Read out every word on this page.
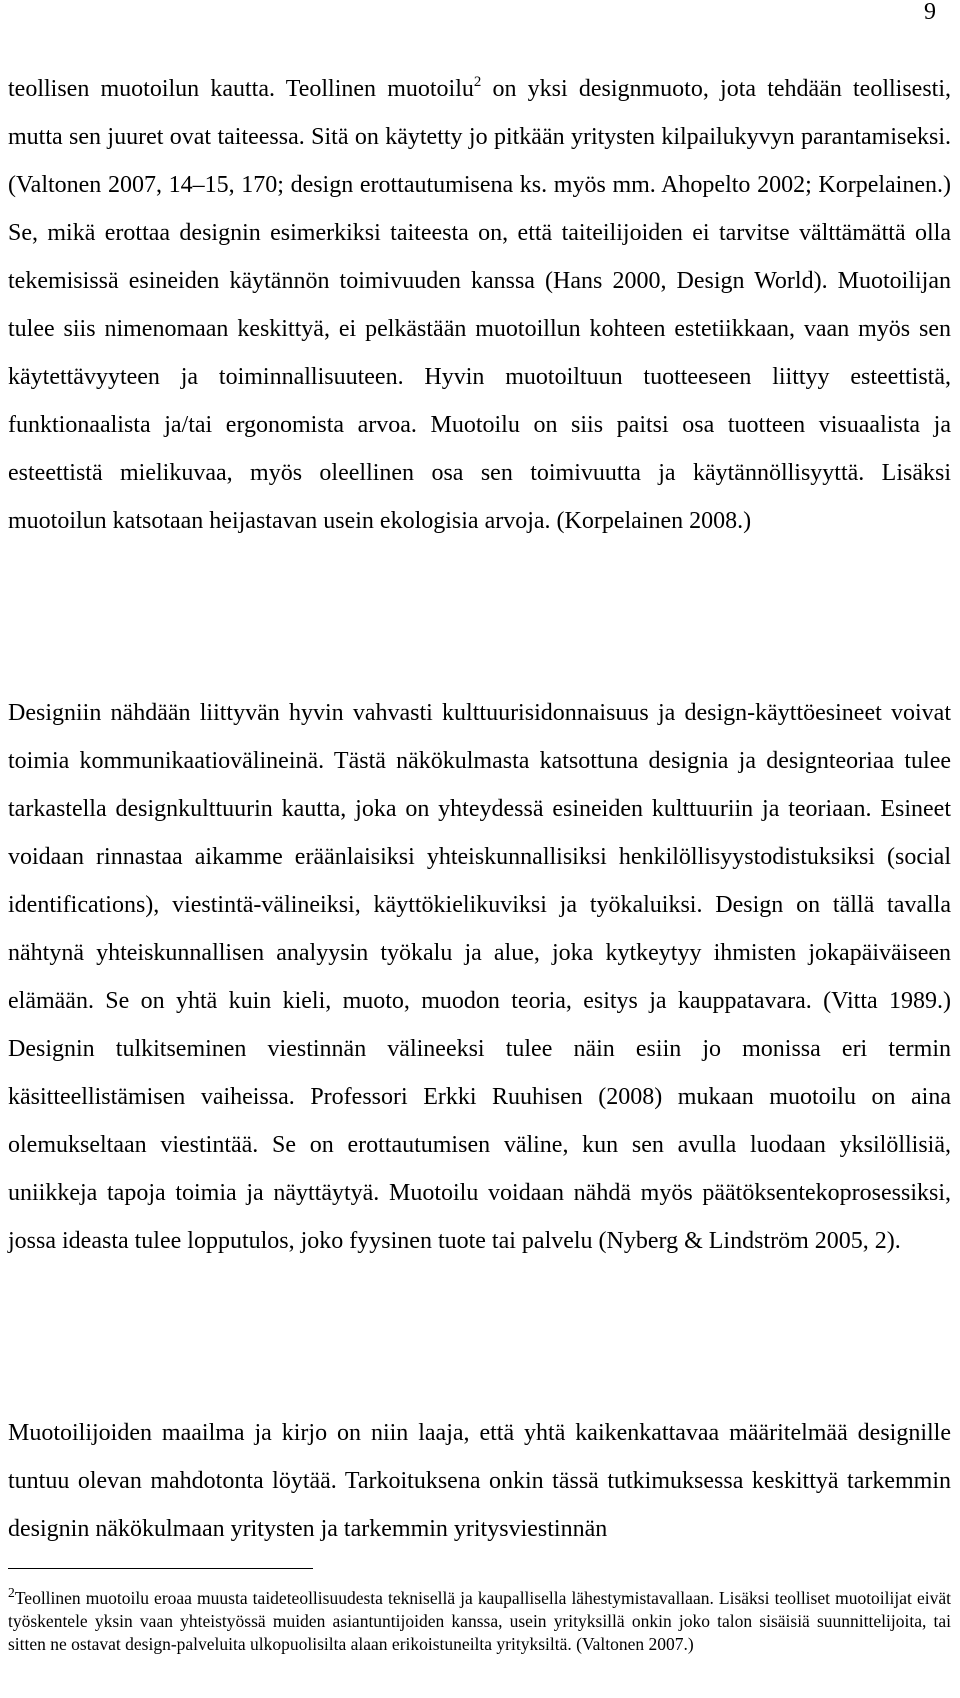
9

teollisen muotoilun kautta. Teollinen muotoilu$^2$ on yksi designmuoto, jota tehdään teollisesti, mutta sen juuret ovat taiteessa. Sitä on käytetty jo pitkään yritysten kilpailukyvyn parantamiseksi. (Valtonen 2007, 14–15, 170; design erottautumisena ks. myös mm. Ahopelto 2002; Korpelainen.) Se, mikä erottaa designin esimerkiksi taiteesta on, että taiteilijoiden ei tarvitse välttämättä olla tekemisissä esineiden käytännön toimivuuden kanssa (Hans 2000, Design World). Muotoilijan tulee siis nimenomaan keskittyä, ei pelkästään muotoillun kohteen estetiikkaan, vaan myös sen käytettävyyteen ja toiminnallisuuteen. Hyvin muotoiltuun tuotteeseen liittyy esteettistä, funktionaalista ja/tai ergonomista arvoa. Muotoilu on siis paitsi osa tuotteen visuaalista ja esteettistä mielikuvaa, myös oleellinen osa sen toimivuutta ja käytännöllisyyttä. Lisäksi muotoilun katsotaan heijastavan usein ekologisia arvoja. (Korpelainen 2008.)

Designiin nähdään liittyvän hyvin vahvasti kulttuurisidonnaisuus ja design-käyttöesineet voivat toimia kommunikaatiovälineinä. Tästä näkökulmasta katsottuna designia ja designteoriaa tulee tarkastella designkulttuurin kautta, joka on yhteydessä esineiden kulttuuriin ja teoriaan. Esineet voidaan rinnastaa aikamme eräänlaisiksi yhteiskunnallisiksi henkilöllisyystodistuksiksi (social identifications), viestintä-välineiksi, käyttökielikuviksi ja työkaluiksi. Design on tällä tavalla nähtynä yhteiskunnallisen analyysin työkalu ja alue, joka kytkeytyy ihmisten jokapäiväiseen elämään. Se on yhtä kuin kieli, muoto, muodon teoria, esitys ja kauppatavara. (Vitta 1989.) Designin tulkitseminen viestinnän välineeksi tulee näin esiin jo monissa eri termin käsitteellistämisen vaiheissa. Professori Erkki Ruuhisen (2008) mukaan muotoilu on aina olemukseltaan viestintää. Se on erottautumisen väline, kun sen avulla luodaan yksilöllisiä, uniikkeja tapoja toimia ja näyttäytyä. Muotoilu voidaan nähdä myös päätöksentekoprosessiksi, jossa ideasta tulee lopputulos, joko fyysinen tuote tai palvelu (Nyberg & Lindström 2005, 2).

Muotoilijoiden maailma ja kirjo on niin laaja, että yhtä kaikenkattavaa määritelmää designille tuntuu olevan mahdotonta löytää. Tarkoituksena onkin tässä tutkimuksessa keskittyä tarkemmin designin näkökulmaan yritysten ja tarkemmin yritysviestinnän

$^2$Teollinen muotoilu eroaa muusta taideteollisuudesta teknisellä ja kaupallisella lähestymistavallaan. Lisäksi teolliset muotoilijat eivät työskentele yksin vaan yhteistyössä muiden asiantuntijoiden kanssa, usein yrityksillä onkin joko talon sisäisiä suunnittelijoita, tai sitten ne ostavat design-palveluita ulkopuolisilta alaan erikoistuneilta yrityksiltä. (Valtonen 2007.)
